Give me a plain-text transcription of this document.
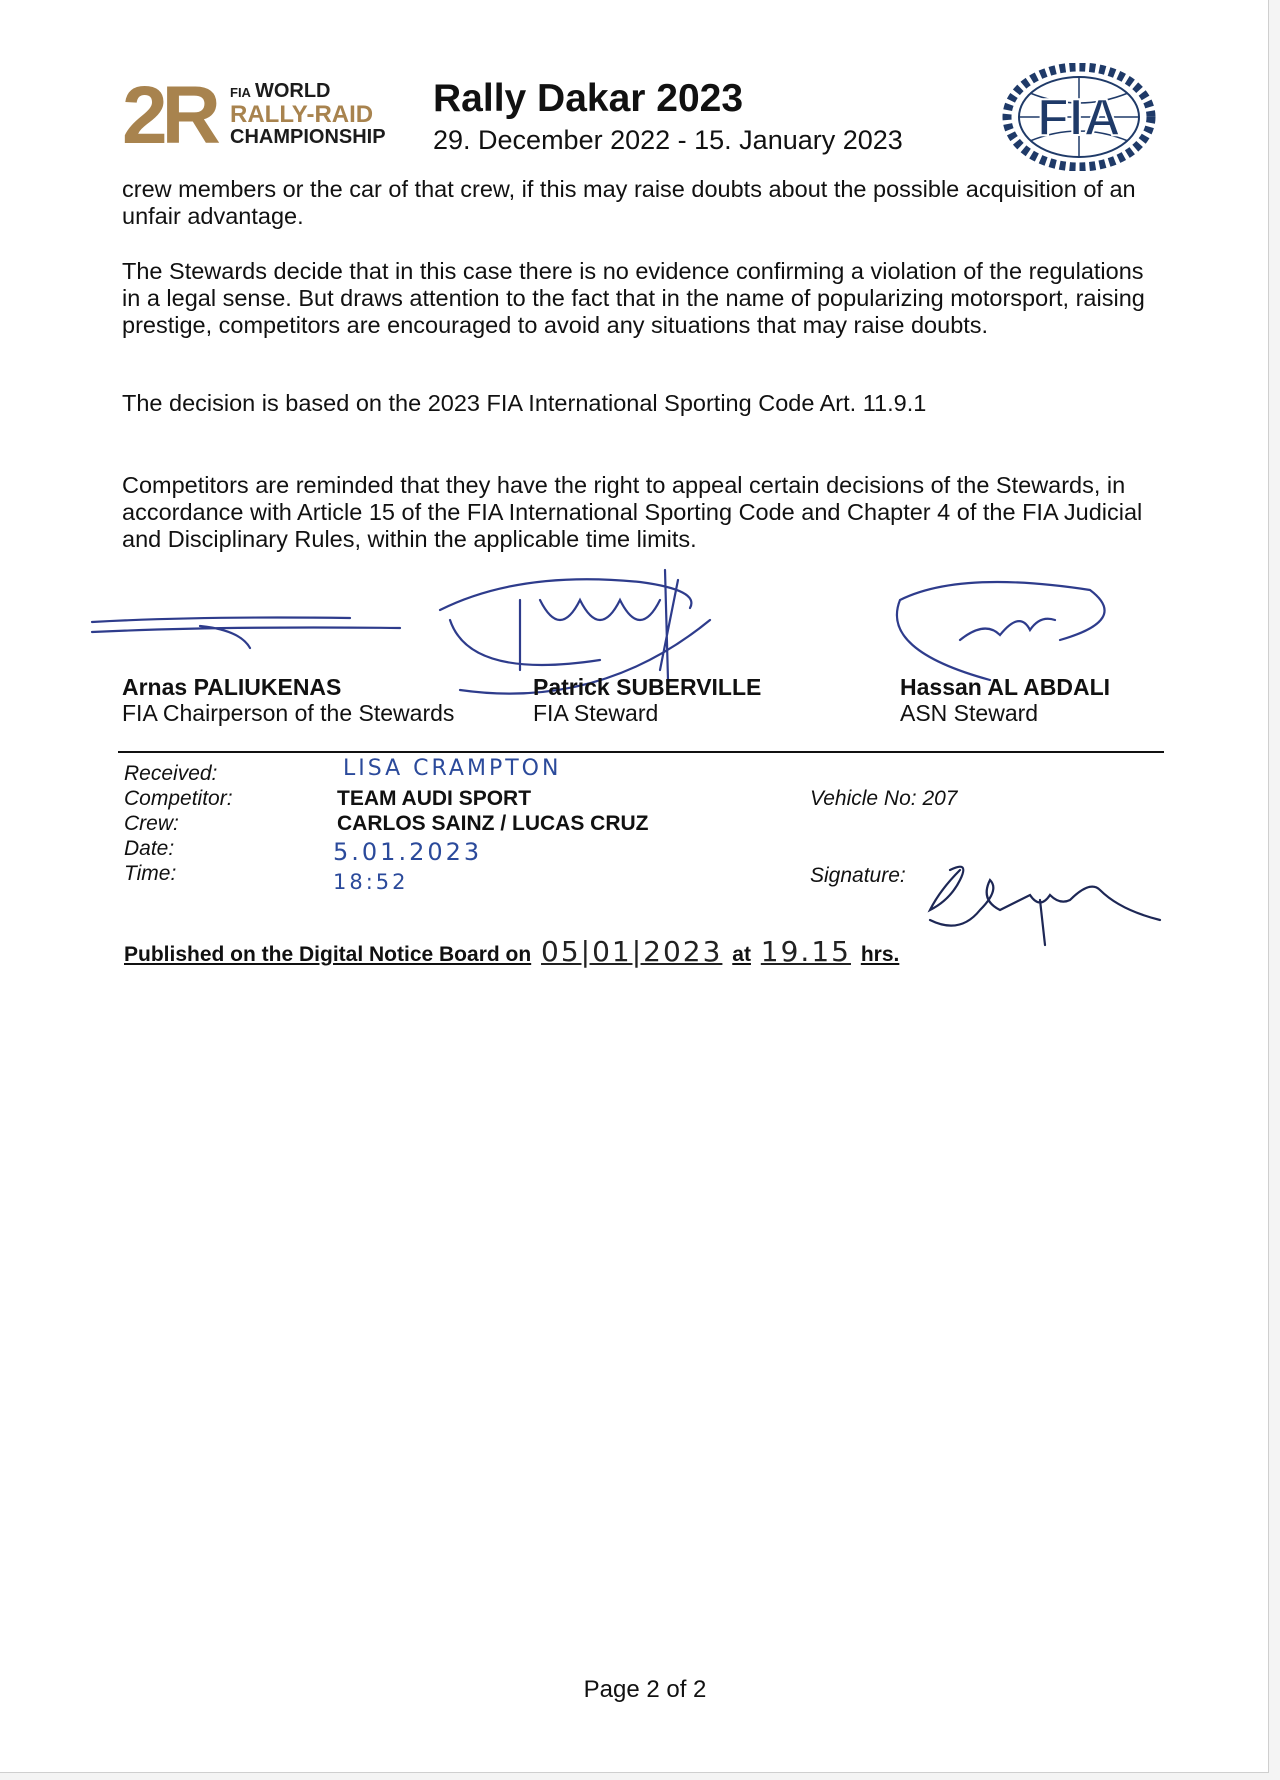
2R FIA WORLD
RALLY-RAID
CHAMPIONSHIP
Rally Dakar 2023
29. December 2022 - 15. January 2023	FIA
crew members or the car of that crew, if this may raise doubts about the possible acquisition of an unfair advantage.
The Stewards decide that in this case there is no evidence confirming a violation of the regulations in a legal sense. But draws attention to the fact that in the name of popularizing motorsport, raising prestige, competitors are encouraged to avoid any situations that may raise doubts.
The decision is based on the 2023 FIA International Sporting Code Art. 11.9.1
Competitors are reminded that they have the right to appeal certain decisions of the Stewards, in accordance with Article 15 of the FIA International Sporting Code and Chapter 4 of the FIA Judicial and Disciplinary Rules, within the applicable time limits.
Arnas PALIUKENAS
FIA Chairperson of the Stewards
Patrick SUBERVILLE
FIA Steward
Hassan AL ABDALI
ASN Steward
Received:	LISA CRAMPTON
Competitor:	TEAM AUDI SPORT	Vehicle No: 207
Crew:	CARLOS SAINZ / LUCAS CRUZ
Date:	5.01.2023
Time:	18:52	Signature:
Published on the Digital Notice Board on 05|01|2023 at 19.15 hrs.
Page 2 of 2
